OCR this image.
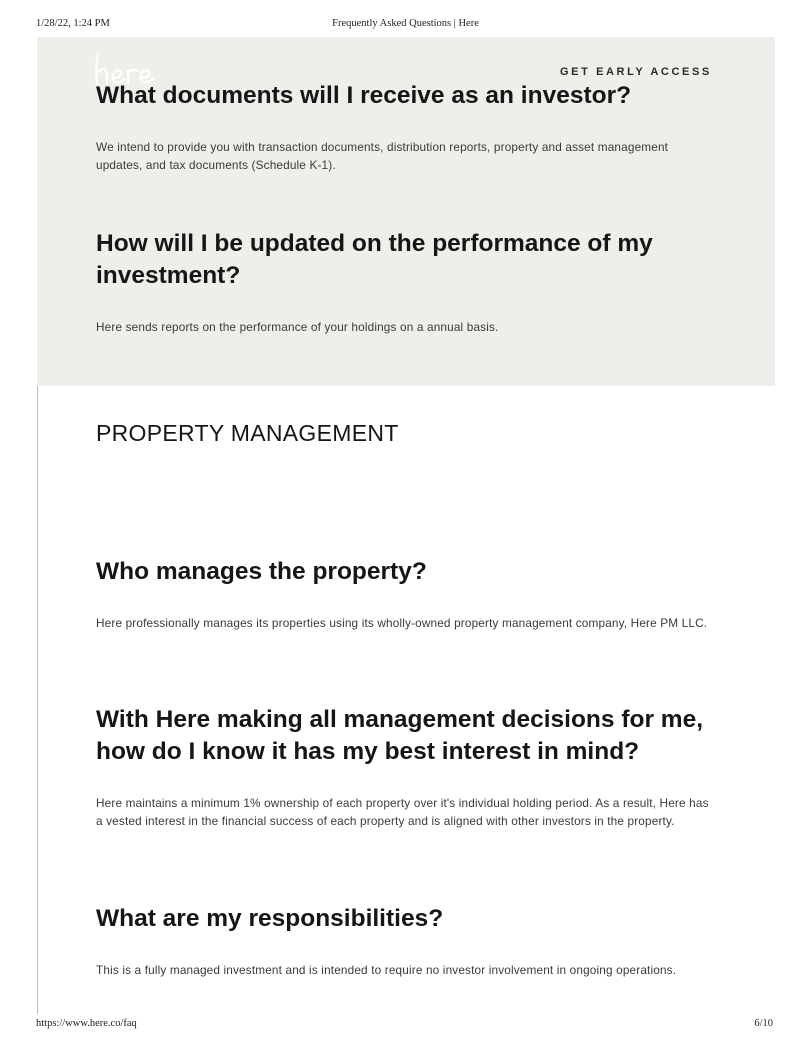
1/28/22, 1:24 PM	Frequently Asked Questions | Here
GET EARLY ACCESS
What documents will I receive as an investor?
We intend to provide you with transaction documents, distribution reports, property and asset management updates, and tax documents (Schedule K-1).
How will I be updated on the performance of my investment?
Here sends reports on the performance of your holdings on a annual basis.
PROPERTY MANAGEMENT
Who manages the property?
Here professionally manages its properties using its wholly-owned property management company, Here PM LLC.
With Here making all management decisions for me, how do I know it has my best interest in mind?
Here maintains a minimum 1% ownership of each property over it's individual holding period. As a result, Here has a vested interest in the financial success of each property and is aligned with other investors in the property.
What are my responsibilities?
This is a fully managed investment and is intended to require no investor involvement in ongoing operations.
https://www.here.co/faq	6/10
